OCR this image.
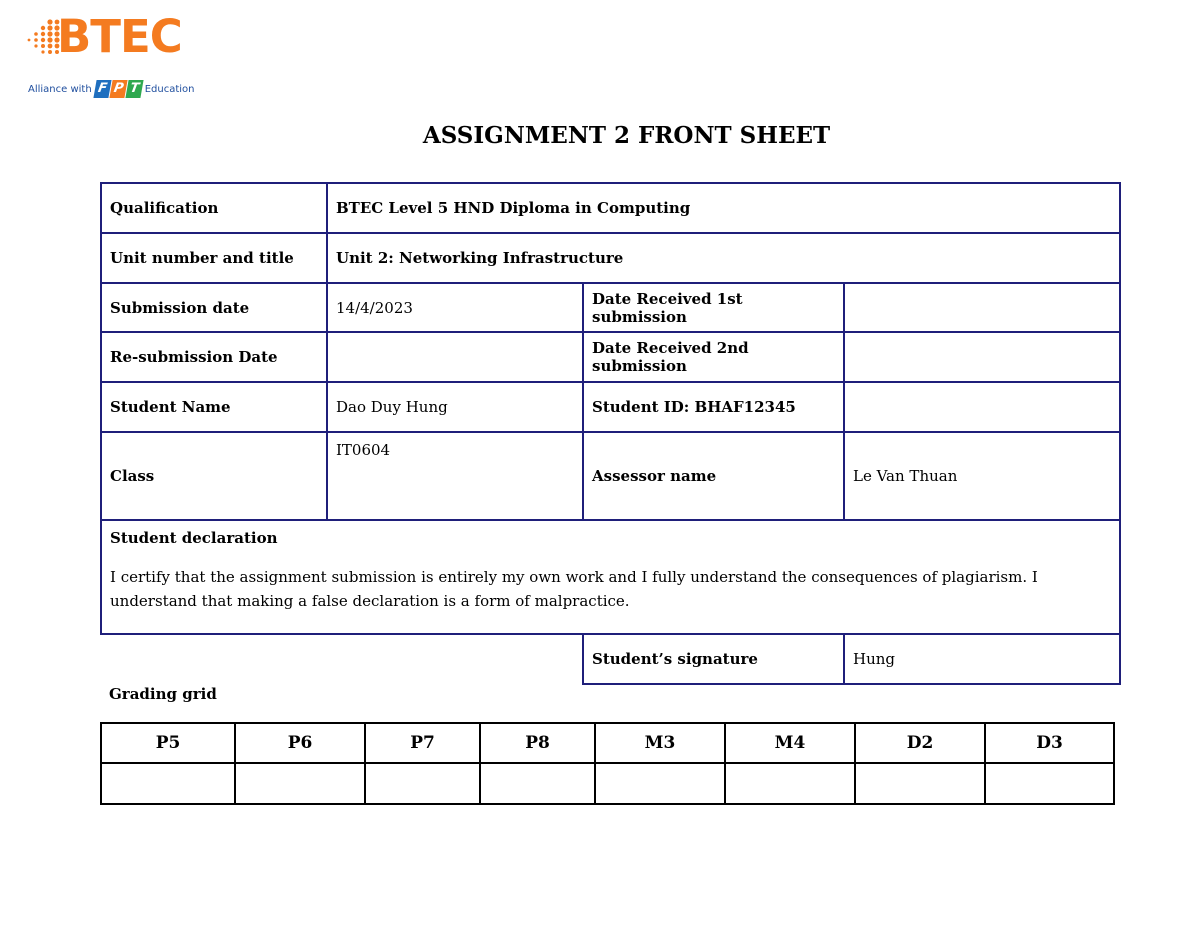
BTEC
Alliance with F P T Education
ASSIGNMENT 2 FRONT SHEET
Qualification	BTEC Level 5 HND Diploma in Computing		
Unit number and title	Unit 2: Networking Infrastructure		
Submission date	14/4/2023	Date Received 1st submission	
Re-submission Date		Date Received 2nd submission	
Student Name	Dao Duy Hung	Student ID: BHAF12345	
Class	IT0604	Assessor name	Le Van Thuan

Student declaration
I certify that the assignment submission is entirely my own work and I fully understand the consequences of plagiarism. I understand that making a false declaration is a form of malpractice.			

		Student’s signature	Hung
Grading grid
P5	P6	P7	P8	M3	M4	D2	D3
